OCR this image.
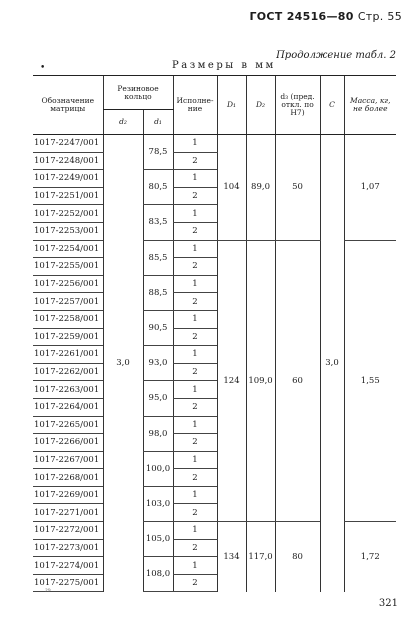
ГОСТ 24516—80 Стр. 55
Продолжение табл. 2
•	Размеры в мм
Обозначение матрицы	Резиновое кольцо		Исполне-ние	D₁	D₂	d₃ (пред. откл. по Н7)	C	Масса, кг, не более
	d₂	d₁						
1017-2247/001	3,0	78,5	1	104	89,0	50	3,0	1,07
1017-2248/001			2					
1017-2249/001		80,5	1					
1017-2251/001			2					
1017-2252/001		83,5	1					
1017-2253/001			2					
1017-2254/001		85,5	1	124	109,0	60		1,55
1017-2255/001			2					
1017-2256/001		88,5	1					
1017-2257/001			2					
1017-2258/001		90,5	1					
1017-2259/001			2					
1017-2261/001		93,0	1					
1017-2262/001			2					
1017-2263/001		95,0	1					
1017-2264/001			2					
1017-2265/001		98,0	1					
1017-2266/001			2					
1017-2267/001		100,0	1					
1017-2268/001			2					
1017-2269/001		103,0	1					
1017-2271/001			2					
1017-2272/001		105,0	1	134	117,0	80		1,72
1017-2273/001			2					
1017-2274/001		108,0	1					
1017-2275/001			2					
²⁹
321
